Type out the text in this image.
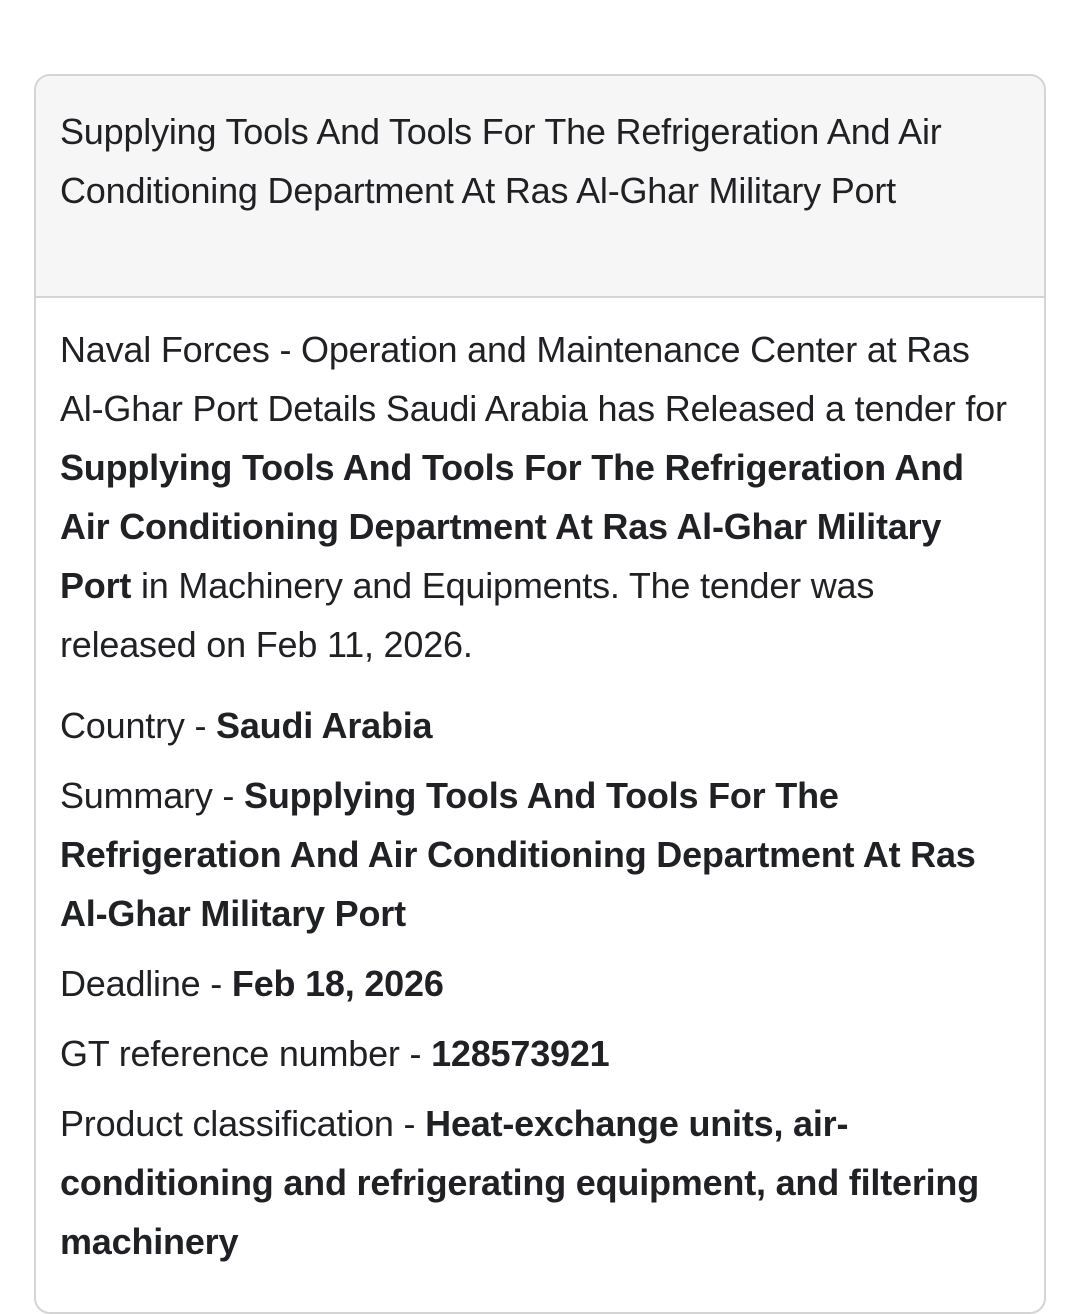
Supplying Tools And Tools For The Refrigeration And Air Conditioning Department At Ras Al-Ghar Military Port

Naval Forces - Operation and Maintenance Center at Ras Al-Ghar Port Details Saudi Arabia has Released a tender for Supplying Tools And Tools For The Refrigeration And Air Conditioning Department At Ras Al-Ghar Military Port in Machinery and Equipments. The tender was released on Feb 11, 2026.

Country - Saudi Arabia

Summary - Supplying Tools And Tools For The Refrigeration And Air Conditioning Department At Ras Al-Ghar Military Port

Deadline - Feb 18, 2026

GT reference number - 128573921

Product classification - Heat-exchange units, air-conditioning and refrigerating equipment, and filtering machinery
